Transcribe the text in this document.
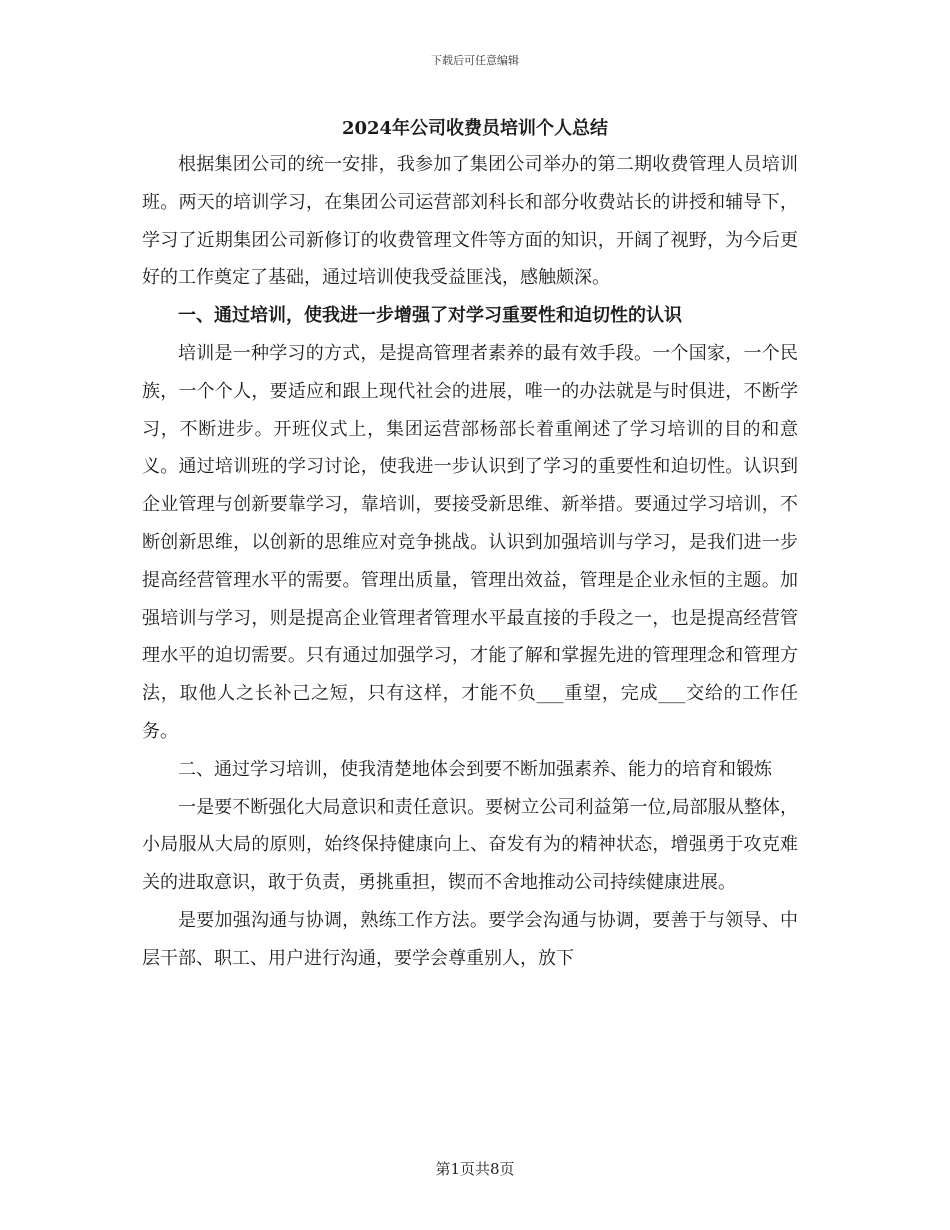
下载后可任意编辑
2024年公司收费员培训个人总结

根据集团公司的统一安排，我参加了集团公司举办的第二期收费管理人员培训班。两天的培训学习，在集团公司运营部刘科长和部分收费站长的讲授和辅导下，学习了近期集团公司新修订的收费管理文件等方面的知识，开阔了视野，为今后更好的工作奠定了基础，通过培训使我受益匪浅，感触颇深。

一、通过培训，使我进一步增强了对学习重要性和迫切性的认识

培训是一种学习的方式，是提高管理者素养的最有效手段。一个国家，一个民族，一个个人，要适应和跟上现代社会的进展，唯一的办法就是与时俱进，不断学习，不断进步。开班仪式上，集团运营部杨部长着重阐述了学习培训的目的和意义。通过培训班的学习讨论，使我进一步认识到了学习的重要性和迫切性。认识到企业管理与创新要靠学习，靠培训，要接受新思维、新举措。要通过学习培训，不断创新思维，以创新的思维应对竞争挑战。认识到加强培训与学习，是我们进一步提高经营管理水平的需要。管理出质量，管理出效益，管理是企业永恒的主题。加强培训与学习，则是提高企业管理者管理水平最直接的手段之一，也是提高经营管理水平的迫切需要。只有通过加强学习，才能了解和掌握先进的管理理念和管理方法，取他人之长补己之短，只有这样，才能不负___重望，完成___交给的工作任务。

二、通过学习培训，使我清楚地体会到要不断加强素养、能力的培育和锻炼

一是要不断强化大局意识和责任意识。要树立公司利益第一位,局部服从整体，小局服从大局的原则，始终保持健康向上、奋发有为的精神状态，增强勇于攻克难关的进取意识，敢于负责，勇挑重担，锲而不舍地推动公司持续健康进展。

是要加强沟通与协调，熟练工作方法。要学会沟通与协调，要善于与领导、中层干部、职工、用户进行沟通，要学会尊重别人，放下

第1页共8页
